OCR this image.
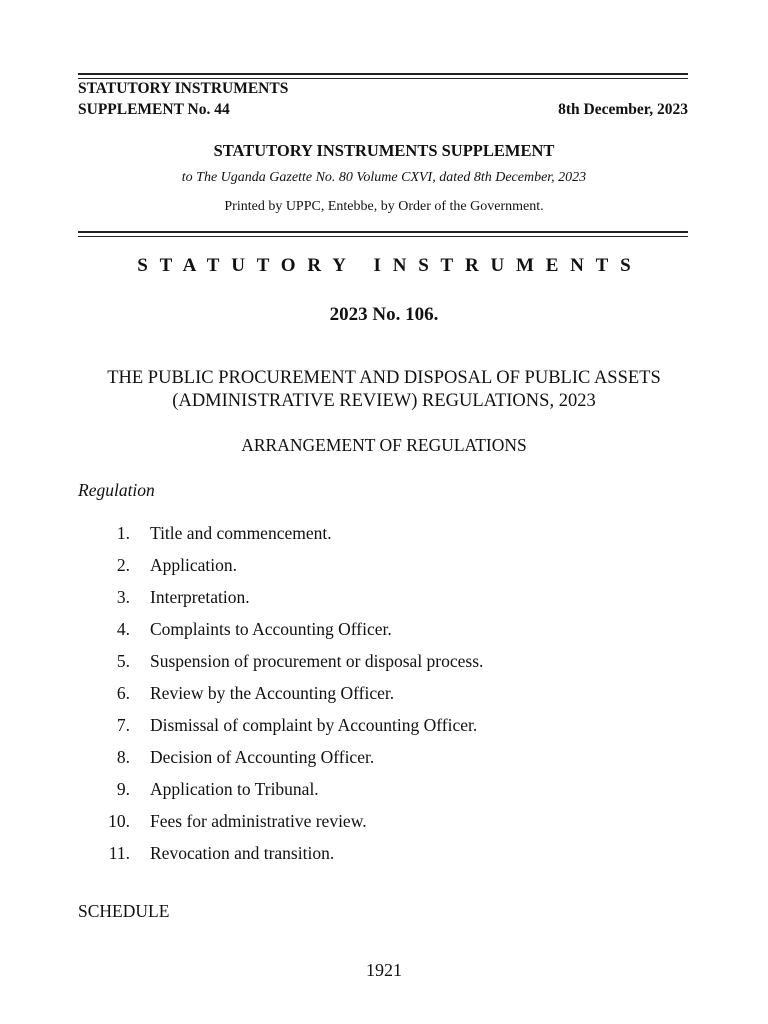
STATUTORY INSTRUMENTS
SUPPLEMENT No. 44	8th December, 2023
STATUTORY INSTRUMENTS SUPPLEMENT
to The Uganda Gazette No. 80 Volume CXVI, dated 8th December, 2023
Printed by UPPC, Entebbe, by Order of the Government.
STATUTORY INSTRUMENTS
2023 No. 106.
THE PUBLIC PROCUREMENT AND DISPOSAL OF PUBLIC ASSETS
(ADMINISTRATIVE REVIEW) REGULATIONS, 2023
ARRANGEMENT OF REGULATIONS
Regulation
1. Title and commencement.
2. Application.
3. Interpretation.
4. Complaints to Accounting Officer.
5. Suspension of procurement or disposal process.
6. Review by the Accounting Officer.
7. Dismissal of complaint by Accounting Officer.
8. Decision of Accounting Officer.
9. Application to Tribunal.
10. Fees for administrative review.
11. Revocation and transition.
SCHEDULE
1921
